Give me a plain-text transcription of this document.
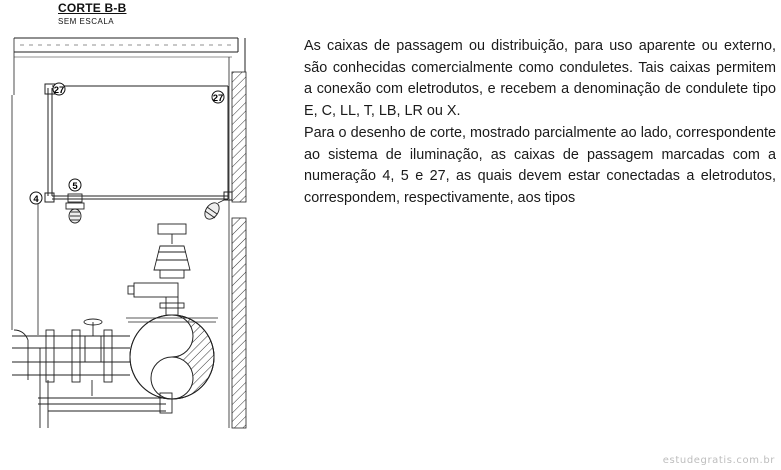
27
27
4
5
CORTE B-B
SEM ESCALA

As caixas de passagem ou distribuição, para uso aparente ou externo, são conhecidas comercialmente como conduletes. Tais caixas permitem a conexão com eletrodutos, e recebem a denominação de condulete tipo E, C, LL, T, LB, LR ou X.

Para o desenho de corte, mostrado parcialmente ao lado, correspondente ao sistema de iluminação, as caixas de passagem marcadas com a numeração 4, 5 e 27, as quais devem estar conectadas a eletrodutos, correspondem, respectivamente, aos tipos

estudegratis.com.br
